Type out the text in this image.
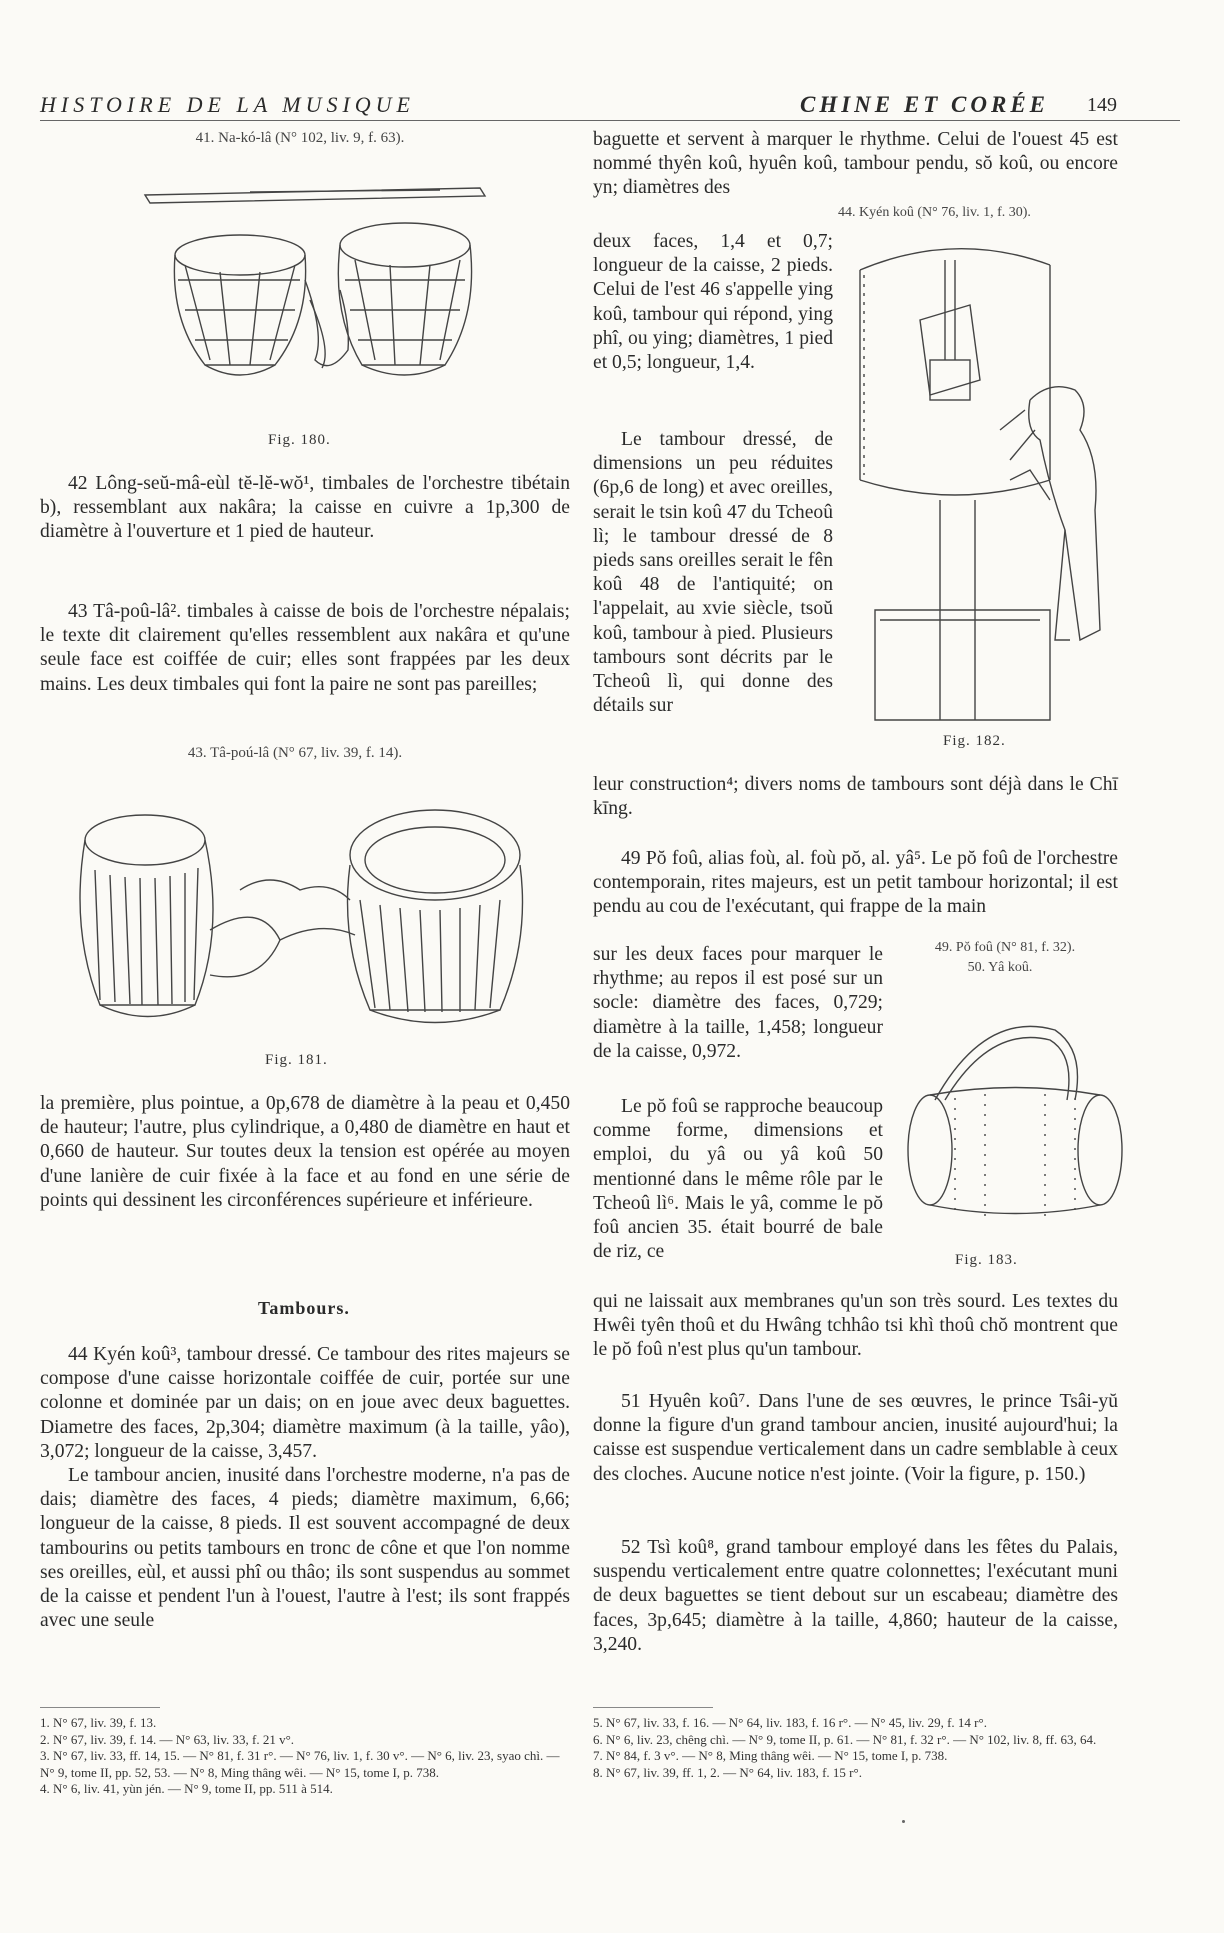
HISTOIRE DE LA MUSIQUE	CHINE ET CORÉE 149
41. Na-kó-lâ (N° 102, liv. 9, f. 63).
Fig. 180.

42 Lông-seŭ-mâ-eùl tĕ-lĕ-wŏ¹, timbales de l'orchestre tibétain b), ressemblant aux nakâra; la caisse en cuivre a 1p,300 de diamètre à l'ouverture et 1 pied de hauteur.

43 Tâ-poû-lâ². timbales à caisse de bois de l'orchestre népalais; le texte dit clairement qu'elles ressemblent aux nakâra et qu'une seule face est coiffée de cuir; elles sont frappées par les deux mains. Les deux timbales qui font la paire ne sont pas pareilles;

43. Tâ-poú-lâ (N° 67, liv. 39, f. 14).
Fig. 181.

la première, plus pointue, a 0p,678 de diamètre à la peau et 0,450 de hauteur; l'autre, plus cylindrique, a 0,480 de diamètre en haut et 0,660 de hauteur. Sur toutes deux la tension est opérée au moyen d'une lanière de cuir fixée à la face et au fond en une série de points qui dessinent les circonférences supérieure et inférieure.

Tambours.

44 Kyén koû³, tambour dressé. Ce tambour des rites majeurs se compose d'une caisse horizontale coiffée de cuir, portée sur une colonne et dominée par un dais; on en joue avec deux baguettes. Diametre des faces, 2p,304; diamètre maximum (à la taille, yâo), 3,072; longueur de la caisse, 3,457.

Le tambour ancien, inusité dans l'orchestre moderne, n'a pas de dais; diamètre des faces, 4 pieds; diamètre maximum, 6,66; longueur de la caisse, 8 pieds. Il est souvent accompagné de deux tambourins ou petits tambours en tronc de cône et que l'on nomme ses oreilles, eùl, et aussi phî ou thâo; ils sont suspendus au sommet de la caisse et pendent l'un à l'ouest, l'autre à l'est; ils sont frappés avec une seule

1. N° 67, liv. 39, f. 13.
2. N° 67, liv. 39, f. 14. — N° 63, liv. 33, f. 21 v°.
3. N° 67, liv. 33, ff. 14, 15. — N° 81, f. 31 r°. — N° 76, liv. 1, f. 30 v°. — N° 6, liv. 23, syao chì. — N° 9, tome II, pp. 52, 53. — N° 8, Ming thâng wêi. — N° 15, tome I, p. 738.
4. N° 6, liv. 41, yùn jén. — N° 9, tome II, pp. 511 à 514.

baguette et servent à marquer le rhythme. Celui de l'ouest 45 est nommé thyên koû, hyuên koû, tambour pendu, sŏ koû, ou encore yn; diamètres des

44. Kyén koû (N° 76, liv. 1, f. 30).

deux faces, 1,4 et 0,7; longueur de la caisse, 2 pieds. Celui de l'est 46 s'appelle ying koû, tambour qui répond, ying phî, ou ying; diamètres, 1 pied et 0,5; longueur, 1,4.

Le tambour dressé, de dimensions un peu réduites (6p,6 de long) et avec oreilles, serait le tsin koû 47 du Tcheoû lì; le tambour dressé de 8 pieds sans oreilles serait le fên koû 48 de l'antiquité; on l'appelait, au xvie siècle, tsoŭ koû, tambour à pied. Plusieurs tambours sont décrits par le Tcheoû lì, qui donne des détails sur

Fig. 182.

leur construction⁴; divers noms de tambours sont déjà dans le Chī kīng.

49 Pŏ foû, alias foù, al. foù pŏ, al. yâ⁵. Le pŏ foû de l'orchestre contemporain, rites majeurs, est un petit tambour horizontal; il est pendu au cou de l'exécutant, qui frappe de la main

49. Pŏ foû (N° 81, f. 32).
50. Yâ koû.

sur les deux faces pour marquer le rhythme; au repos il est posé sur un socle: diamètre des faces, 0,729; diamètre à la taille, 1,458; longueur de la caisse, 0,972.

Le pŏ foû se rapproche beaucoup comme forme, dimensions et emploi, du yâ ou yâ koû 50 mentionné dans le même rôle par le Tcheoû lì⁶. Mais le yâ, comme le pŏ foû ancien 35. était bourré de bale de riz, ce	Fig. 183.

qui ne laissait aux membranes qu'un son très sourd. Les textes du Hwêi tyên thoû et du Hwâng tchhâo tsi khì thoû chŏ montrent que le pŏ foû n'est plus qu'un tambour.

51 Hyuên koû⁷. Dans l'une de ses œuvres, le prince Tsâi-yŭ donne la figure d'un grand tambour ancien, inusité aujourd'hui; la caisse est suspendue verticalement dans un cadre semblable à ceux des cloches. Aucune notice n'est jointe. (Voir la figure, p. 150.)

52 Tsì koû⁸, grand tambour employé dans les fêtes du Palais, suspendu verticalement entre quatre colonnettes; l'exécutant muni de deux baguettes se tient debout sur un escabeau; diamètre des faces, 3p,645; diamètre à la taille, 4,860; hauteur de la caisse, 3,240.

5. N° 67, liv. 33, f. 16. — N° 64, liv. 183, f. 16 r°. — N° 45, liv. 29, f. 14 r°.
6. N° 6, liv. 23, chêng chì. — N° 9, tome II, p. 61. — N° 81, f. 32 r°. — N° 102, liv. 8, ff. 63, 64.
7. N° 84, f. 3 v°. — N° 8, Ming thâng wêi. — N° 15, tome I, p. 738.
8. N° 67, liv. 39, ff. 1, 2. — N° 64, liv. 183, f. 15 r°.
